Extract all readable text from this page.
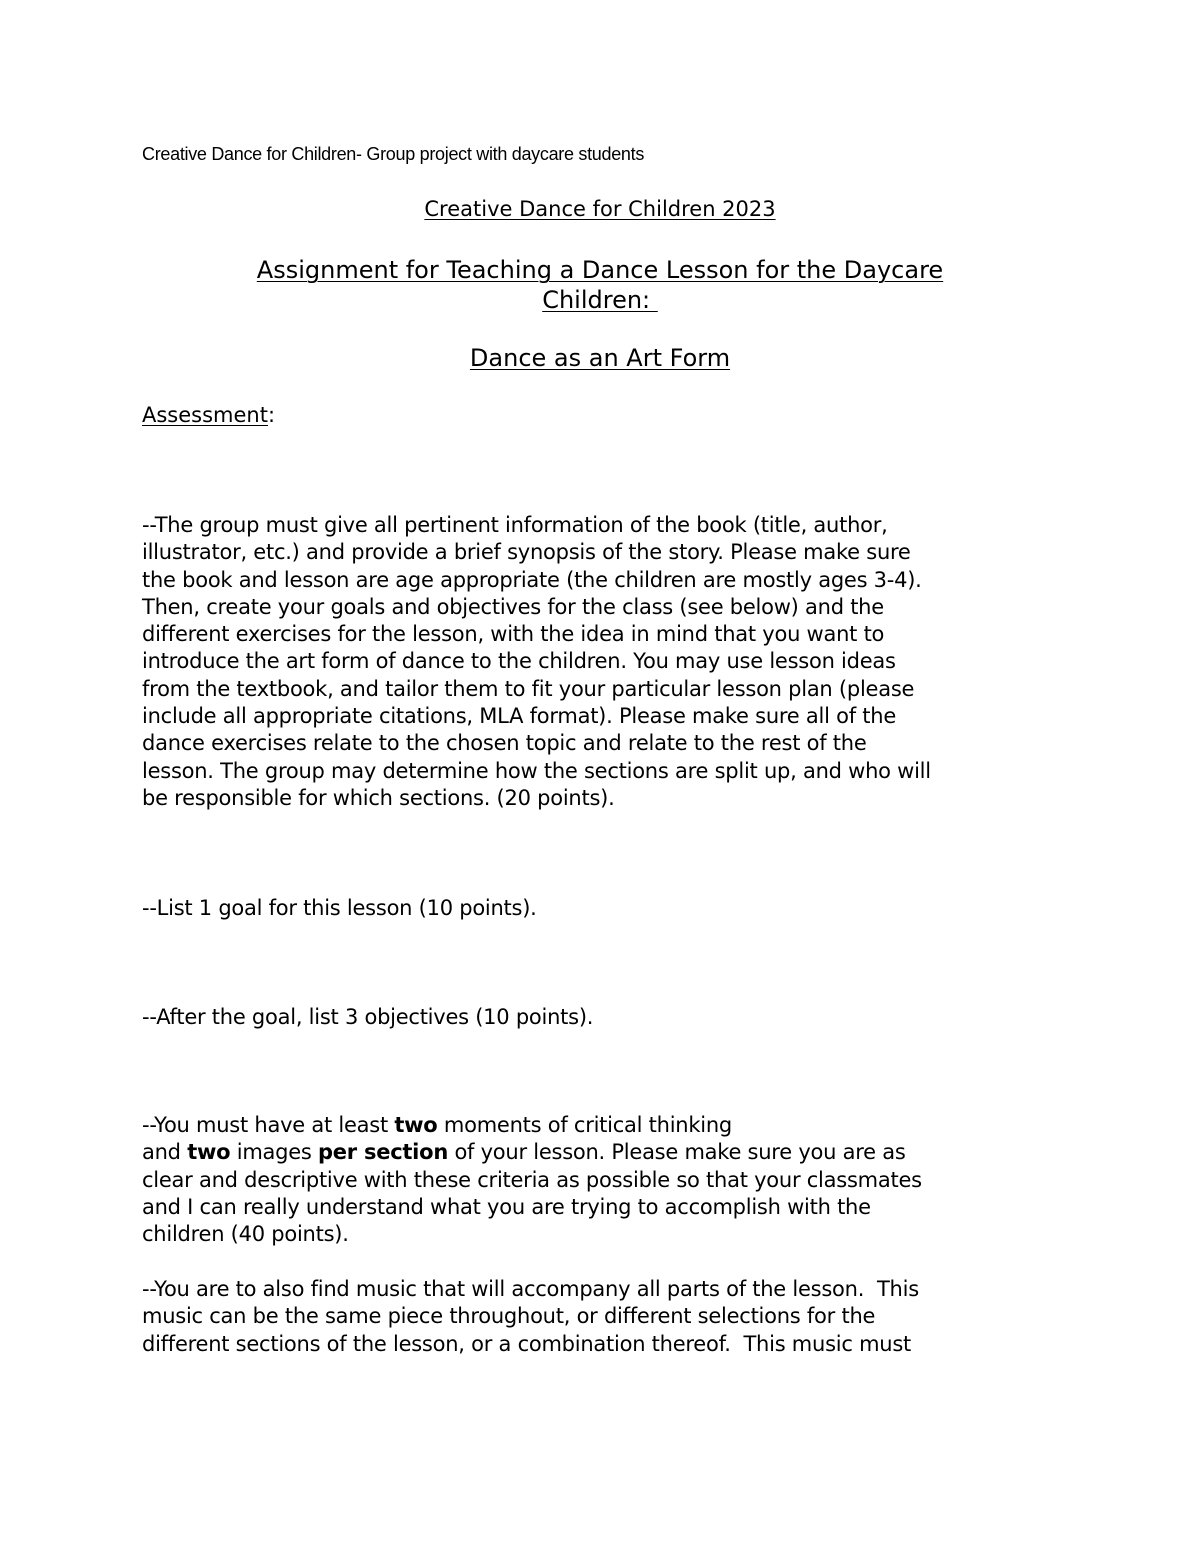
Creative Dance for Children- Group project with daycare students
Creative Dance for Children 2023
Assignment for Teaching a Dance Lesson for the Daycare
Children:
Dance as an Art Form
Assessment:
--The group must give all pertinent information of the book (title, author,
illustrator, etc.) and provide a brief synopsis of the story. Please make sure
the book and lesson are age appropriate (the children are mostly ages 3-4).
Then, create your goals and objectives for the class (see below) and the
different exercises for the lesson, with the idea in mind that you want to
introduce the art form of dance to the children. You may use lesson ideas
from the textbook, and tailor them to fit your particular lesson plan (please
include all appropriate citations, MLA format). Please make sure all of the
dance exercises relate to the chosen topic and relate to the rest of the
lesson. The group may determine how the sections are split up, and who will
be responsible for which sections. (20 points).
--List 1 goal for this lesson (10 points).
--After the goal, list 3 objectives (10 points).
--You must have at least two moments of critical thinking
and two images per section of your lesson. Please make sure you are as
clear and descriptive with these criteria as possible so that your classmates
and I can really understand what you are trying to accomplish with the
children (40 points).
--You are to also find music that will accompany all parts of the lesson.  This
music can be the same piece throughout, or different selections for the
different sections of the lesson, or a combination thereof.  This music must
